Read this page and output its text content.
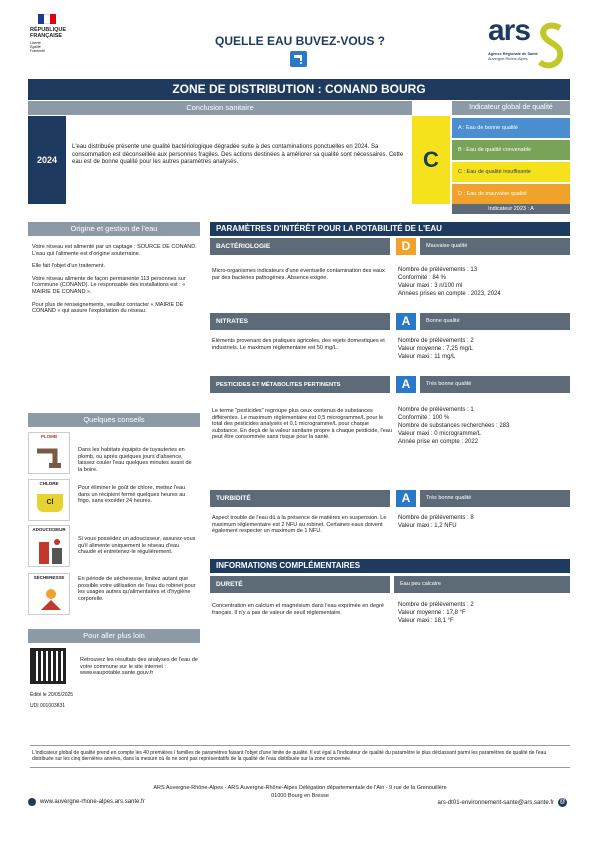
RÉPUBLIQUE
FRANÇAISE
Liberté
Égalité
Fraternité
QUELLE EAU BUVEZ-VOUS ?	ars
Agence Régionale de Santé
Auvergne-Rhône-Alpes
ZONE DE DISTRIBUTION : CONAND BOURG
Conclusion sanitaire
2024
L'eau distribuée présente une qualité bactériologique dégradée suite à des contaminations ponctuelles en 2024. Sa consommation est déconseillée aux personnes fragiles. Des actions destinées à améliorer sa qualité sont nécessaires. Cette eau est de bonne qualité pour les autres paramètres analysés.	C
Indicateur global de qualité
A : Eau de bonne qualité
B : Eau de qualité convenable
C : Eau de qualité insuffisante
D : Eau de mauvaise qualité
Indicateur 2023 : A
Origine et gestion de l'eau
Votre réseau est alimenté par un captage : SOURCE DE CONAND. L'eau qui l'alimente est d'origine souterraine.
Elle fait l'objet d'un traitement.
Votre réseau alimente de façon permanente 113 personnes sur l'commune (CONAND). Le responsable des installations est : « MAIRIE DE CONAND ».
Pour plus de renseignements, veuillez contacter « MAIRIE DE CONAND » qui assure l'exploitation du réseau.
Quelques conseils
PLOMB
Dans les habitats équipés de tuyauteries en plomb, ou après quelques jours d'absence, laissez couler l'eau quelques minutes avant de la boire.
CHLORE
Cl
Pour éliminer le goût de chlore, mettez l'eau dans un récipient fermé quelques heures au frigo, sans excéder 24 heures.
ADOUCISSEUR
Si vous possédez un adoucisseur, assurez-vous qu'il alimente uniquement le réseau d'eau chaude et entretenez-le régulièrement.
SÉCHERESSE	En période de sécheresse, limitez autant que possible votre utilisation de l'eau du robinet pour les usages autres qu'alimentaires et d'hygiène corporelle.
Pour aller plus loin
Retrouvez les résultats des analyses de l'eau de votre commune sur le site internet : www.eaupotable.sante.gouv.fr
Édité le 20/05/2025
UDI 001003831
PARAMÈTRES D'INTÉRÊT POUR LA POTABILITÉ DE L'EAU
BACTÉRIOLOGIE	D	Mauvaise qualité
Micro-organismes indicateurs d'une éventuelle contamination des eaux par des bactéries pathogènes. Absence exigée.
Nombre de prélèvements : 13
Conformité : 84 %
Valeur maxi : 3 n/100 ml
Années prises en compte : 2023, 2024
NITRATES	A	Bonne qualité
Éléments provenant des pratiques agricoles, des rejets domestiques et industriels. Le maximum réglementaire est 50 mg/L.
Nombre de prélèvements : 2
Valeur moyenne : 7,25 mg/L
Valeur maxi : 11 mg/L
PESTICIDES ET MÉTABOLITES PERTINENTS	A	Très bonne qualité
Le terme "pesticides" regroupe plus ceux contenus de substances différentes. Le maximum réglementaire est 0,5 microgramme/L pour le total des pesticides analysés et 0,1 microgramme/L pour chaque substance. En deçà de la valeur sanitaire propre à chaque pesticide, l'eau peut être consommée sans risque pour la santé.
Nombre de prélèvements : 1
Conformité : 100 %
Nombre de substances recherchées : 283
Valeur maxi : 0 microgramme/L
Année prise en compte : 2022
TURBIDITÉ	A	Très bonne qualité
Aspect trouble de l'eau dû à la présence de matières en suspension. Le maximum réglementaire est 2 NFU au robinet. Certaines eaux doivent également respecter un maximum de 1 NFU.
Nombre de prélèvements : 8
Valeur maxi : 1,2 NFU
INFORMATIONS COMPLÉMENTAIRES
DURETÉ	Eau peu calcaire
Concentration en calcium et magnésium dans l'eau exprimée en degré français. Il n'y a pas de valeur de seuil réglementaire.
Nombre de prélèvements : 2
Valeur moyenne : 17,8 °F
Valeur maxi : 18,1 °F
L'indicateur global de qualité prend en compte les 40 premières / familles de paramètres faisant l'objet d'une limite de qualité. Il est égal à l'indicateur de qualité du paramètre le plus déclassant parmi les paramètres de qualité de l'eau distribuée sur les cinq dernières années, dans la mesure où ils ne sont pas représentatifs de la qualité de l'eau distribuée sur la zone concernée.
ARS Auvergne-Rhône-Alpes - ARS Auvergne-Rhône-Alpes Délégation départementale de l'Ain - 9 rue de la Grenouillère
01000 Bourg en Bresse
www.auvergne-rhone-alpes.ars.sante.fr	ars-dt01-environnement-sante@ars.sante.fr @
